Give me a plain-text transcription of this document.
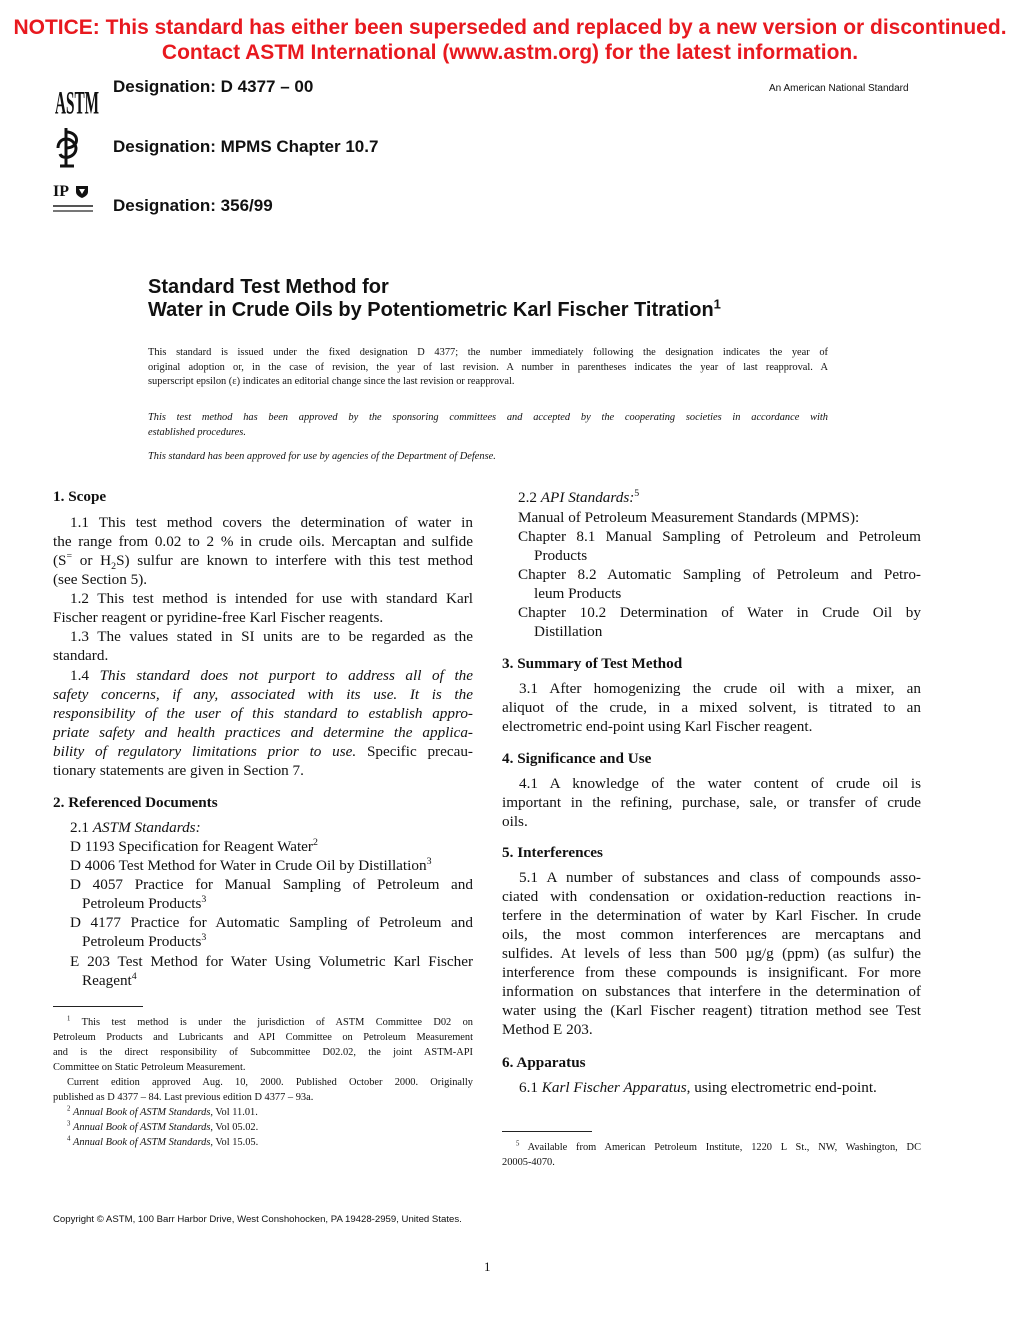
NOTICE: This standard has either been superseded and replaced by a new version or discontinued.
Contact ASTM International (www.astm.org) for the latest information.
ASTM
IP
Designation: D 4377 – 00	An American National Standard
Designation: MPMS Chapter 10.7
Designation: 356/99
Standard Test Method for
Water in Crude Oils by Potentiometric Karl Fischer Titration$^1$
This standard is issued under the fixed designation D 4377; the number immediately following the designation indicates the year of
original adoption or, in the case of revision, the year of last revision. A number in parentheses indicates the year of last reapproval. A
superscript epsilon (ε) indicates an editorial change since the last revision or reapproval.
This test method has been approved by the sponsoring committees and accepted by the cooperating societies in accordance with
established procedures.
This standard has been approved for use by agencies of the Department of Defense.
1. Scope
1.1 This test method covers the determination of water in
the range from 0.02 to 2 % in crude oils. Mercaptan and sulfide
(S= or $H_2S$) sulfur are known to interfere with this test method
(see Section 5).
1.2 This test method is intended for use with standard Karl
Fischer reagent or pyridine-free Karl Fischer reagents.
1.3 The values stated in SI units are to be regarded as the
standard.
1.4 This standard does not purport to address all of the
safety concerns, if any, associated with its use. It is the
responsibility of the user of this standard to establish appro-
priate safety and health practices and determine the applica-
bility of regulatory limitations prior to use. Specific precau-
tionary statements are given in Section 7.
2. Referenced Documents
2.1 ASTM Standards:
D 1193 Specification for Reagent Water$^2$
D 4006 Test Method for Water in Crude Oil by Distillation$^3$
D 4057 Practice for Manual Sampling of Petroleum and
Petroleum Products$^3$
D 4177 Practice for Automatic Sampling of Petroleum and
Petroleum Products$^3$
E 203 Test Method for Water Using Volumetric Karl Fischer
Reagent$^4$
$^1$ This test method is under the jurisdiction of ASTM Committee D02 on
Petroleum Products and Lubricants and API Committee on Petroleum Measurement
and is the direct responsibility of Subcommittee D02.02, the joint ASTM-API
Committee on Static Petroleum Measurement.
Current edition approved Aug. 10, 2000. Published October 2000. Originally
published as D 4377 – 84. Last previous edition D 4377 – 93a.
$^2$ Annual Book of ASTM Standards, Vol 11.01.
$^3$ Annual Book of ASTM Standards, Vol 05.02.
$^4$ Annual Book of ASTM Standards, Vol 15.05.
2.2 API Standards:$^5$
Manual of Petroleum Measurement Standards (MPMS):
Chapter 8.1 Manual Sampling of Petroleum and Petroleum
Products
Chapter 8.2 Automatic Sampling of Petroleum and Petro-
leum Products
Chapter 10.2 Determination of Water in Crude Oil by
Distillation
3. Summary of Test Method
3.1 After homogenizing the crude oil with a mixer, an
aliquot of the crude, in a mixed solvent, is titrated to an
electrometric end-point using Karl Fischer reagent.
4. Significance and Use
4.1 A knowledge of the water content of crude oil is
important in the refining, purchase, sale, or transfer of crude
oils.
5. Interferences
5.1 A number of substances and class of compounds asso-
ciated with condensation or oxidation-reduction reactions in-
terfere in the determination of water by Karl Fischer. In crude
oils, the most common interferences are mercaptans and
sulfides. At levels of less than 500 µg/g (ppm) (as sulfur) the
interference from these compounds is insignificant. For more
information on substances that interfere in the determination of
water using the (Karl Fischer reagent) titration method see Test
Method E 203.
6. Apparatus
6.1 Karl Fischer Apparatus, using electrometric end-point.
$^5$ Available from American Petroleum Institute, 1220 L St., NW, Washington, DC
20005-4070.
Copyright © ASTM, 100 Barr Harbor Drive, West Conshohocken, PA 19428-2959, United States.
1
